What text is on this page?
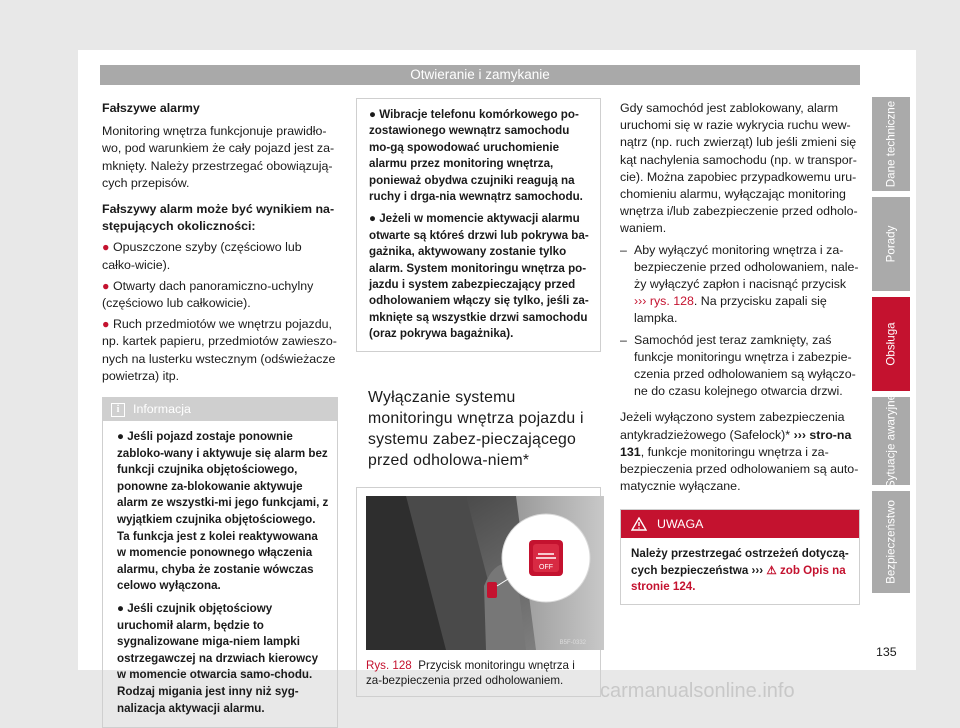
Otwieranie i zamykanie

Fałszywe alarmy

Monitoring wnętrza funkcjonuje prawidło-wo, pod warunkiem że cały pojazd jest za-mknięty. Należy przestrzegać obowiązują-cych przepisów.

Fałszywy alarm może być wynikiem na-stępujących okoliczności:

● Opuszczone szyby (częściowo lub całko-wicie).

● Otwarty dach panoramiczno-uchylny (częściowo lub całkowicie).

● Ruch przedmiotów we wnętrzu pojazdu, np. kartek papieru, przedmiotów zawieszo-nych na lusterku wstecznym (odświeżacze powietrza) itp.

i	Informacja

● Jeśli pojazd zostaje ponownie zabloko-wany i aktywuje się alarm bez funkcji czujnika objętościowego, ponowne za-blokowanie aktywuje alarm ze wszystki-mi jego funkcjami, z wyjątkiem czujnika objętościowego. Ta funkcja jest z kolei reaktywowana w momencie ponownego włączenia alarmu, chyba że zostanie wówczas celowo wyłączona.

● Jeśli czujnik objętościowy uruchomił alarm, będzie to sygnalizowane miga-niem lampki ostrzegawczej na drzwiach kierowcy w momencie otwarcia samo-chodu. Rodzaj migania jest inny niż syg-nalizacja aktywacji alarmu.

● Wibracje telefonu komórkowego po-zostawionego wewnątrz samochodu mo-gą spowodować uruchomienie alarmu przez monitoring wnętrza, ponieważ obydwa czujniki reagują na ruchy i drga-nia wewnątrz samochodu.

● Jeżeli w momencie aktywacji alarmu otwarte są któreś drzwi lub pokrywa ba-gażnika, aktywowany zostanie tylko alarm. System monitoringu wnętrza po-jazdu i system zabezpieczający przed odholowaniem włączy się tylko, jeśli za-mknięte są wszystkie drzwi samochodu (oraz pokrywa bagażnika).

Wyłączanie systemu monitoringu wnętrza pojazdu i systemu zabez-pieczającego przed odholowa-niem*
B5F-0332
OFF
Rys. 128 Przycisk monitoringu wnętrza i za-bezpieczenia przed odholowaniem.

Gdy samochód jest zablokowany, alarm uruchomi się w razie wykrycia ruchu wew-nątrz (np. ruch zwierząt) lub jeśli zmieni się kąt nachylenia samochodu (np. w transpor-cie). Można zapobiec przypadkowemu uru-chomieniu alarmu, wyłączając monitoring wnętrza i/lub zabezpieczenie przed odholo-waniem.

– Aby wyłączyć monitoring wnętrza i za-bezpieczenie przed odholowaniem, nale-ży wyłączyć zapłon i nacisnąć przycisk ››› rys. 128. Na przycisku zapali się lampka.
– Samochód jest teraz zamknięty, zaś funkcje monitoringu wnętrza i zabezpie-czenia przed odholowaniem są wyłączo-ne do czasu kolejnego otwarcia drzwi.

Jeżeli wyłączono system zabezpieczenia antykradzieżowego (Safelock)* ››› stro-na 131, funkcje monitoringu wnętrza i za-bezpieczenia przed odholowaniem są auto-matycznie wyłączane.

UWAGA
Należy przestrzegać ostrzeżeń dotyczą-cych bezpieczeństwa ››› ⚠ zob Opis na stronie 124.
Dane techniczne
Porady
Obsługa
Sytuacje awaryjne
Bezpieczeństwo
135
carmanualsonline.info
